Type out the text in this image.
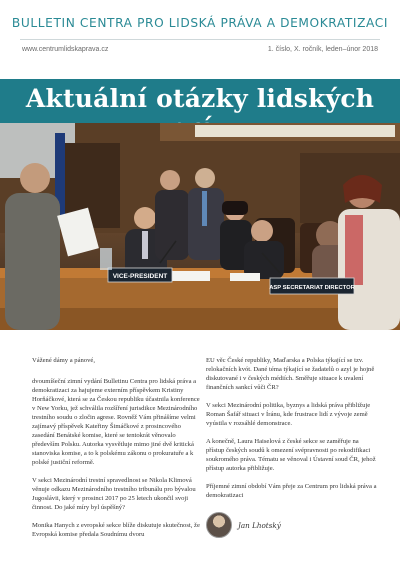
BULLETIN CENTRA PRO LIDSKÁ PRÁVA A DEMOKRATIZACI
www.centrumlidskaprava.cz	1. číslo, X. ročník, leden–únor 2018
Aktuální otázky lidských
VICE-PRESIDENT
ASP SECRETARIAT DIRECTOR

Vážené dámy a pánové,

dvoumíšeční zimní vydání Bulletinu Centra pro lidská práva a demokratizaci za hajujeme externím příspěvkem Kristiny Horňáčkové, která se za Českou republiku účastnila konference v New Yorku, jež schválila rozšíření jurisdikce Mezinárodního trestního soudu o zločin agrese. Rovněž Vám přinášíme velmi zajímavý příspěvek Kateřiny Šimáčkové z prosincového zasedání Benátské komise, které se tentokrát věnovalo především Polsku. Autorka vysvětluje mimo jiné dvě kritická stanoviska komise, a to k polskému zákonu o prokuratuře a k polské justiční reformě.

V sekci Mezinárodní trestní spravedlnost se Nikola Klimová věnuje odkazu Mezinárodního trestního tribunálu pro bývalou Jugoslávii, který v prosinci 2017 po 25 letech ukončil svoji činnost. Do jaké míry byl úspěšný?

Monika Hanych z evropské sekce blíže diskutuje skutečnost, že Evropská komise předala Soudnímu dvoru

EU věc České republiky, Maďarska a Polska týkající se tzv. relokačních kvót. Dané téma týkající se žadatelů o azyl je hojně diskutované i v českých médiích. Směřuje situace k uvalení finančních sankcí vůči ČR?

V sekci Mezinárodní politika, byznys a lidská práva přibližuje Roman Šafář situaci v Íránu, kde frustrace lidí z vývoje země vyústila v rozsáhlé demonstrace.

A konečně, Laura Haiselová z české sekce se zaměřuje na přístup českých soudů k omezení svépravnosti po rekodifikaci soukromého práva. Tématu se věnoval i Ústavní soud ČR, jehož přístup autorka přibližuje.

Příjemné zimní období Vám přeje za Centrum pro lidská práva a demokratizaci

Jan Lhotský
